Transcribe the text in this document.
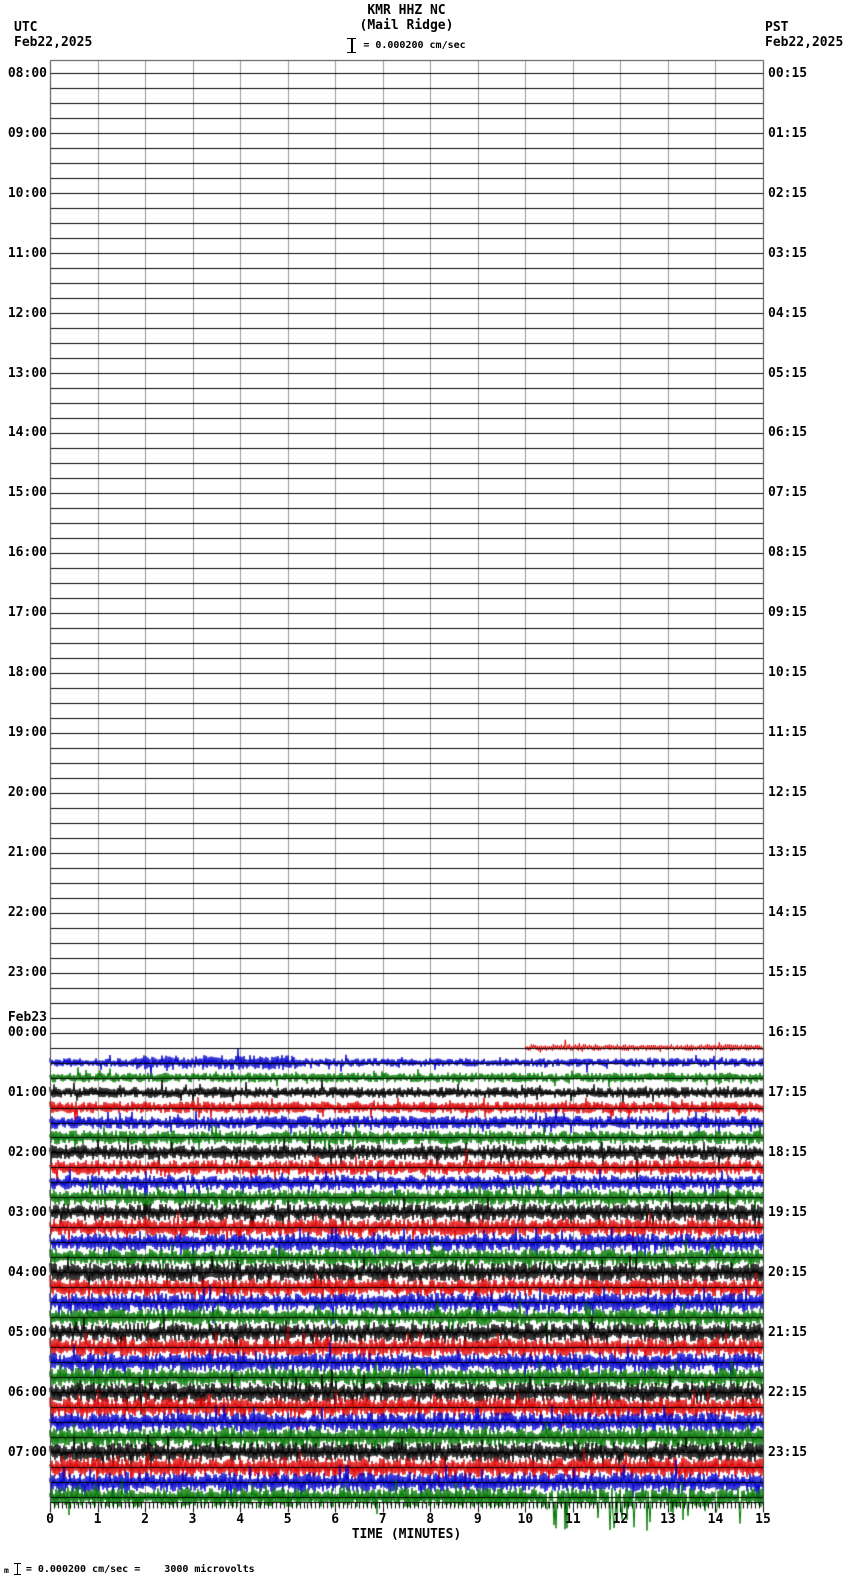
UTC
Feb22,2025
PST
Feb22,2025
KMR HHZ NC
(Mail Ridge)
= 0.000200 cm/sec
08:00	00:15
09:00	01:15
10:00	02:15
11:00	03:15
12:00	04:15
13:00	05:15
14:00	06:15
15:00	07:15
16:00	08:15
17:00	09:15
18:00	10:15
19:00	11:15
20:00	12:15
21:00	13:15
22:00	14:15
23:00	15:15
00:00	16:15
Feb23
01:00	17:15
02:00	18:15
03:00	19:15
04:00	20:15
05:00	21:15
06:00	22:15
07:00	23:15
0	1	2	3	4	5	6	7	8	9	10	11	12	13	14	15
TIME (MINUTES)
m = 0.000200 cm/sec =    3000 microvolts
